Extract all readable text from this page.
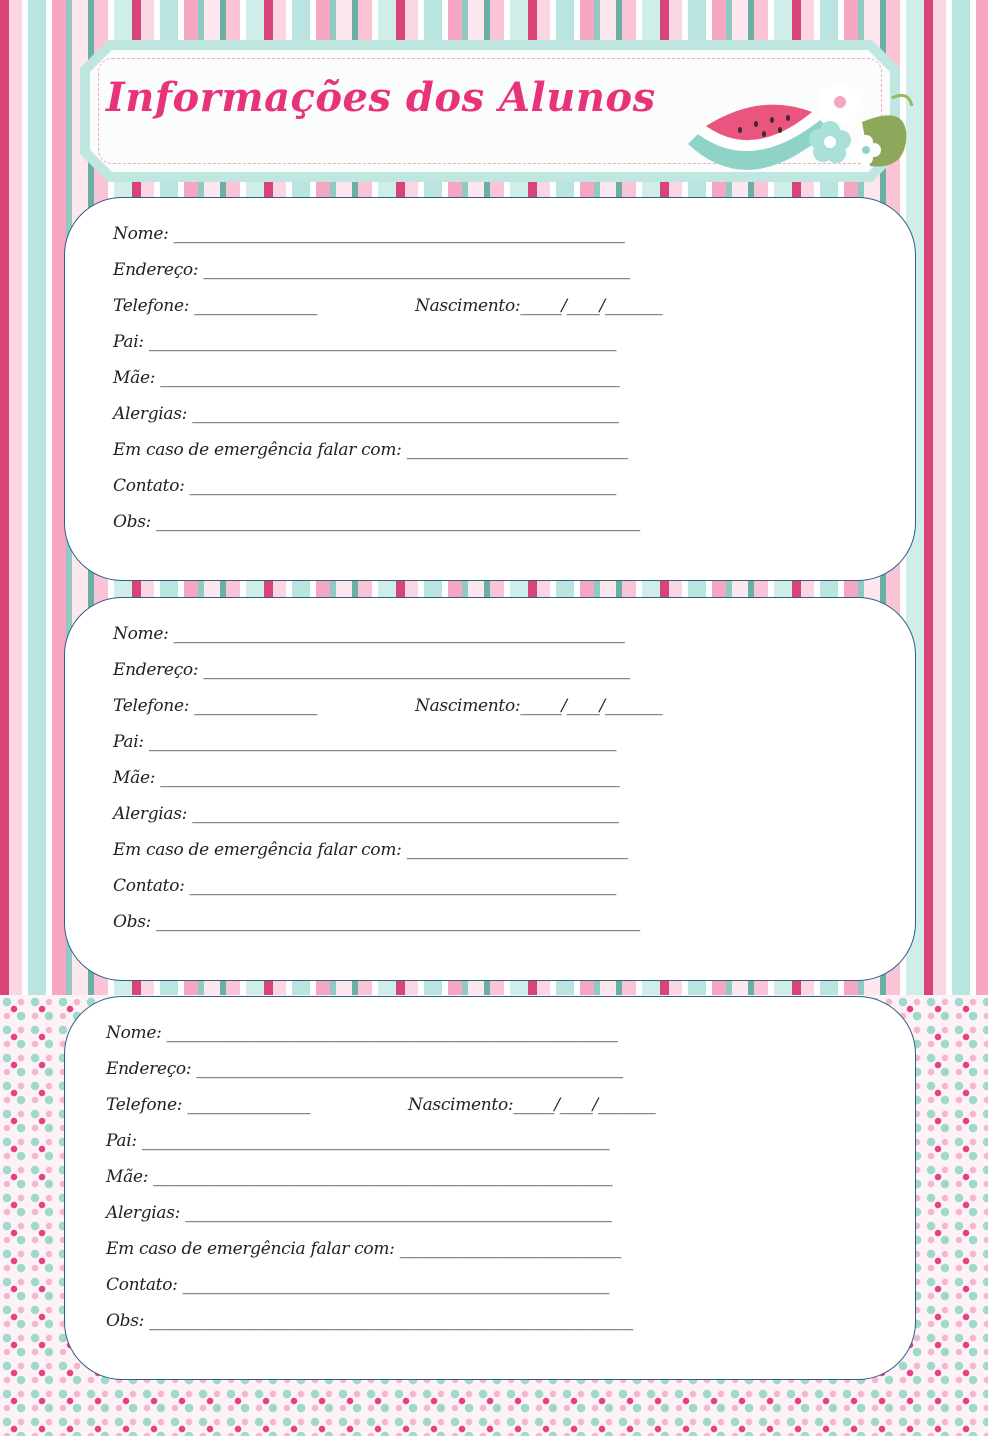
Informações dos Alunos
Nome: _______________________________________________________
Endereço: ____________________________________________________
Telefone: _______________	Nascimento:_____/____/_______
Pai: _________________________________________________________
Mãe: ________________________________________________________
Alergias: ____________________________________________________
Em caso de emergência falar com: ___________________________
Contato: ____________________________________________________
Obs: ___________________________________________________________
Nome: _______________________________________________________
Endereço: ____________________________________________________
Telefone: _______________	Nascimento:_____/____/_______
Pai: _________________________________________________________
Mãe: ________________________________________________________
Alergias: ____________________________________________________
Em caso de emergência falar com: ___________________________
Contato: ____________________________________________________
Obs: ___________________________________________________________
Nome: _______________________________________________________
Endereço: ____________________________________________________
Telefone: _______________	Nascimento:_____/____/_______
Pai: _________________________________________________________
Mãe: ________________________________________________________
Alergias: ____________________________________________________
Em caso de emergência falar com: ___________________________
Contato: ____________________________________________________
Obs: ___________________________________________________________
